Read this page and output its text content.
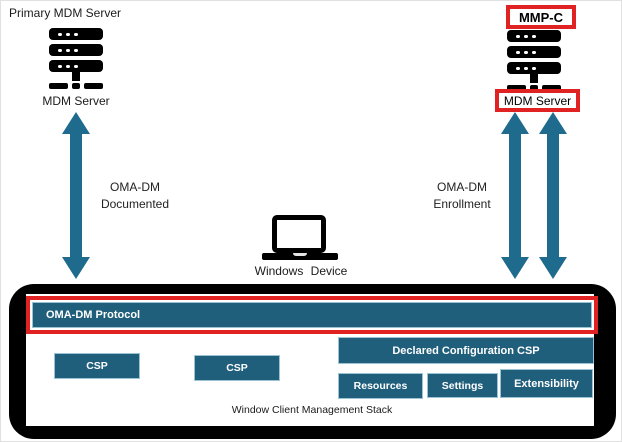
Primary MDM Server
MDM Server
MMP-C
MDM Server
OMA-DM
Documented
OMA-DM
Enrollment
Windows Device
OMA-DM Protocol
CSP	CSP
Declared Configuration CSP
Resources	Settings	Extensibility
Window Client Management Stack
